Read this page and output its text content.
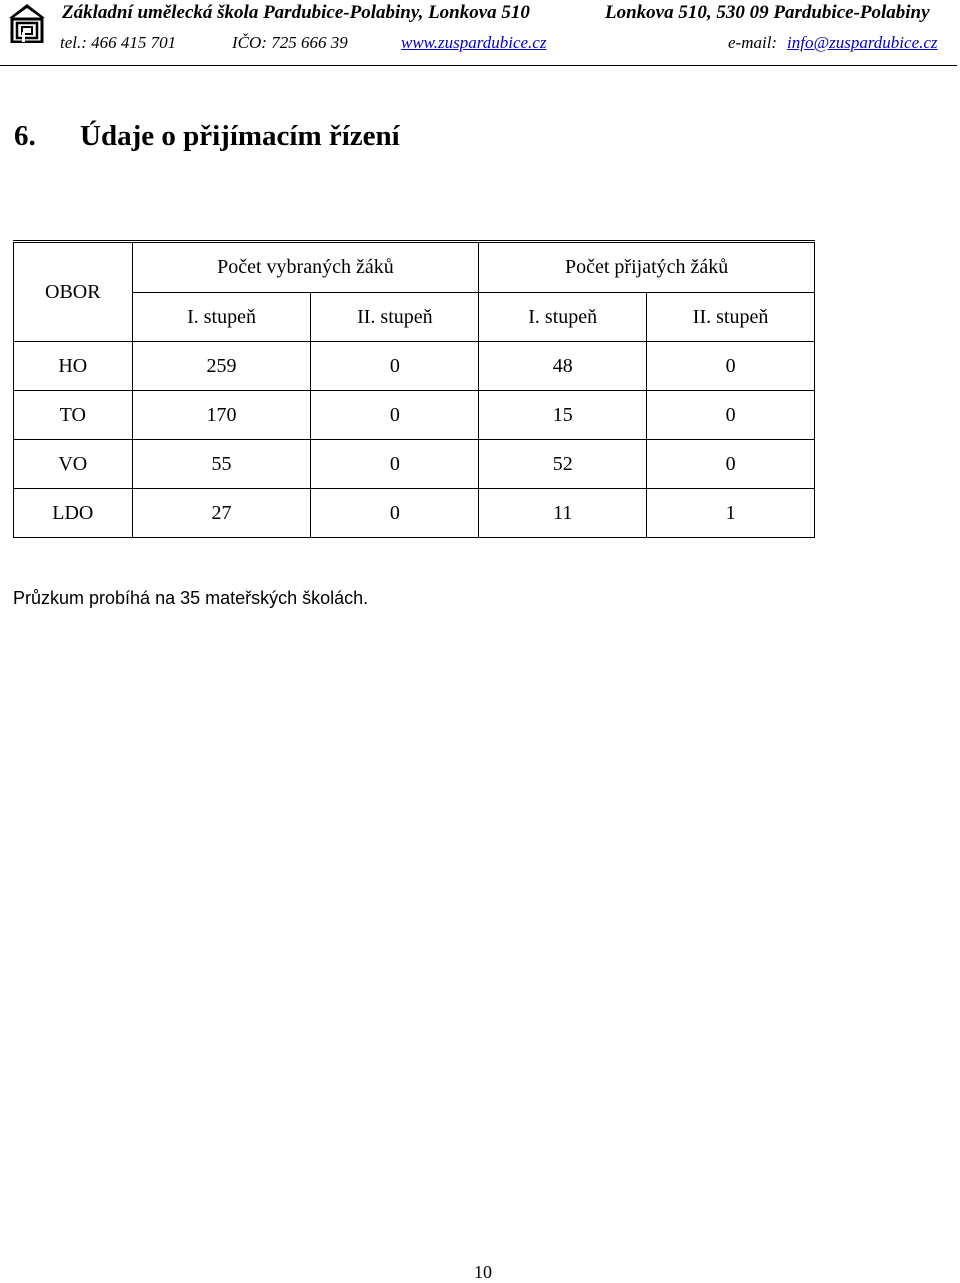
Základní umělecká škola Pardubice-Polabiny, Lonkova 510	Lonkova 510, 530 09 Pardubice-Polabiny
tel.: 466 415 701	IČO: 725 666 39	www.zuspardubice.cz	e-mail: info@zuspardubice.cz
6. Údaje o přijímacím řízení
OBOR	Počet vybraných žáků		Počet přijatých žáků	
	I. stupeň	II. stupeň	I. stupeň	II. stupeň
HO	259	0	48	0
TO	170	0	15	0
VO	55	0	52	0
LDO	27	0	11	1
Průzkum probíhá na 35 mateřských školách.
10
